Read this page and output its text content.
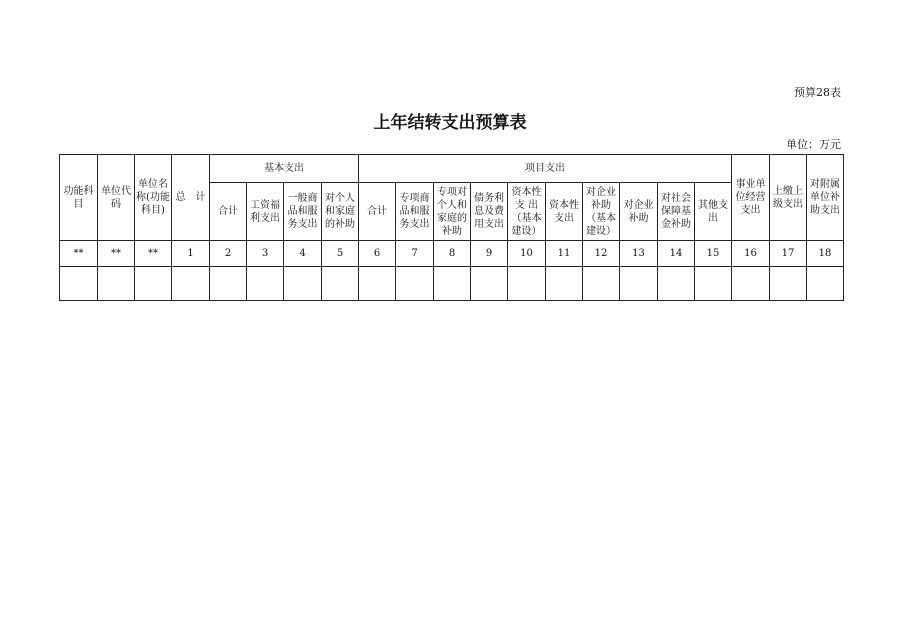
预算28表
上年结转支出预算表
单位：万元
功能科目	单位代码	单位名称(功能科目)	总　计	基本支出				项目支出										事业单位经营支出	上缴上级支出	对附属单位补助支出
				合计	工资福利支出	一般商品和服务支出	对个人和家庭的补助	合计	专项商品和服务支出	专项对个人和家庭的补助	债务利息及费用支出	资本性支 出（基本建设）	资本性支出	对企业补助（基本建设）	对企业补助	对社会保障基金补助	其他支出			
**	**	**	1	2	3	4	5	6	7	8	9	10	11	12	13	14	15	16	17	18
